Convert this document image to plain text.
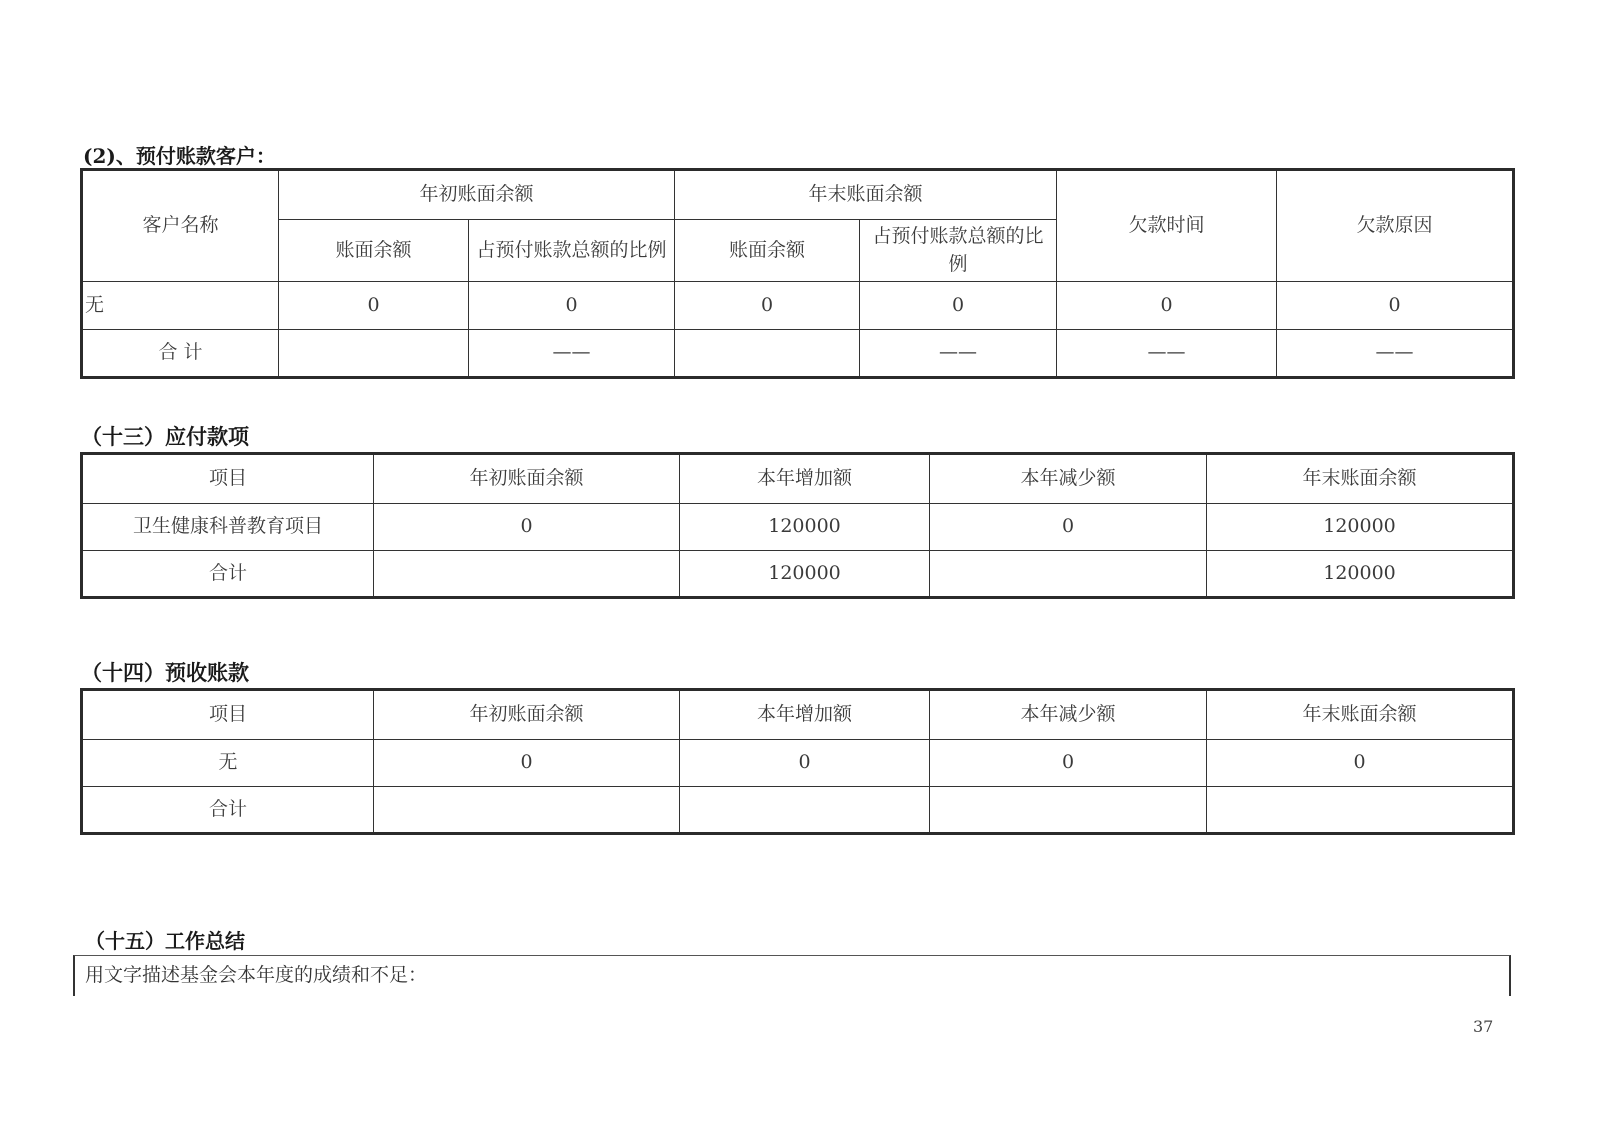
(2)、预付账款客户：
客户名称	年初账面余额		年末账面余额		欠款时间	欠款原因
	账面余额	占预付账款总额的比例	账面余额	占预付账款总额的比例		
无	0	0	0	0	0	0
合 计		——		——	——	——
（十三）应付款项
项目	年初账面余额	本年增加额	本年减少额	年末账面余额
卫生健康科普教育项目	0	120000	0	120000
合计		120000		120000
（十四）预收账款
项目	年初账面余额	本年增加额	本年减少额	年末账面余额
无	0	0	0	0
合计				
（十五）工作总结
用文字描述基金会本年度的成绩和不足：
37
